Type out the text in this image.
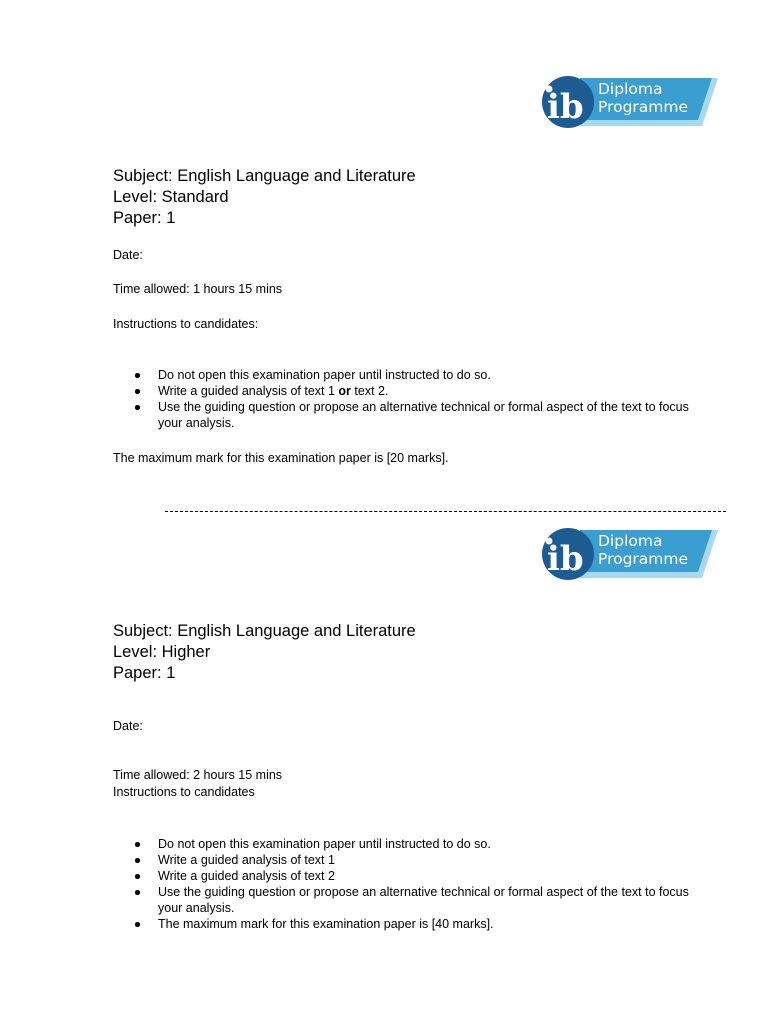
ib Diploma
Programme

Subject: English Language and Literature

Level: Standard

Paper: 1

Date:

Time allowed: 1 hours 15 mins

Instructions to candidates:

Do not open this examination paper until instructed to do so.
Write a guided analysis of text 1 or text 2.
Use the guiding question or propose an alternative technical or formal aspect of the text to focus your analysis.

The maximum mark for this examination paper is [20 marks].

ib Diploma
Programme

Subject: English Language and Literature

Level: Higher

Paper: 1

Date:

Time allowed: 2 hours 15 mins

Instructions to candidates

Do not open this examination paper until instructed to do so.
Write a guided analysis of text 1
Write a guided analysis of text 2
Use the guiding question or propose an alternative technical or formal aspect of the text to focus your analysis.
The maximum mark for this examination paper is [40 marks].
